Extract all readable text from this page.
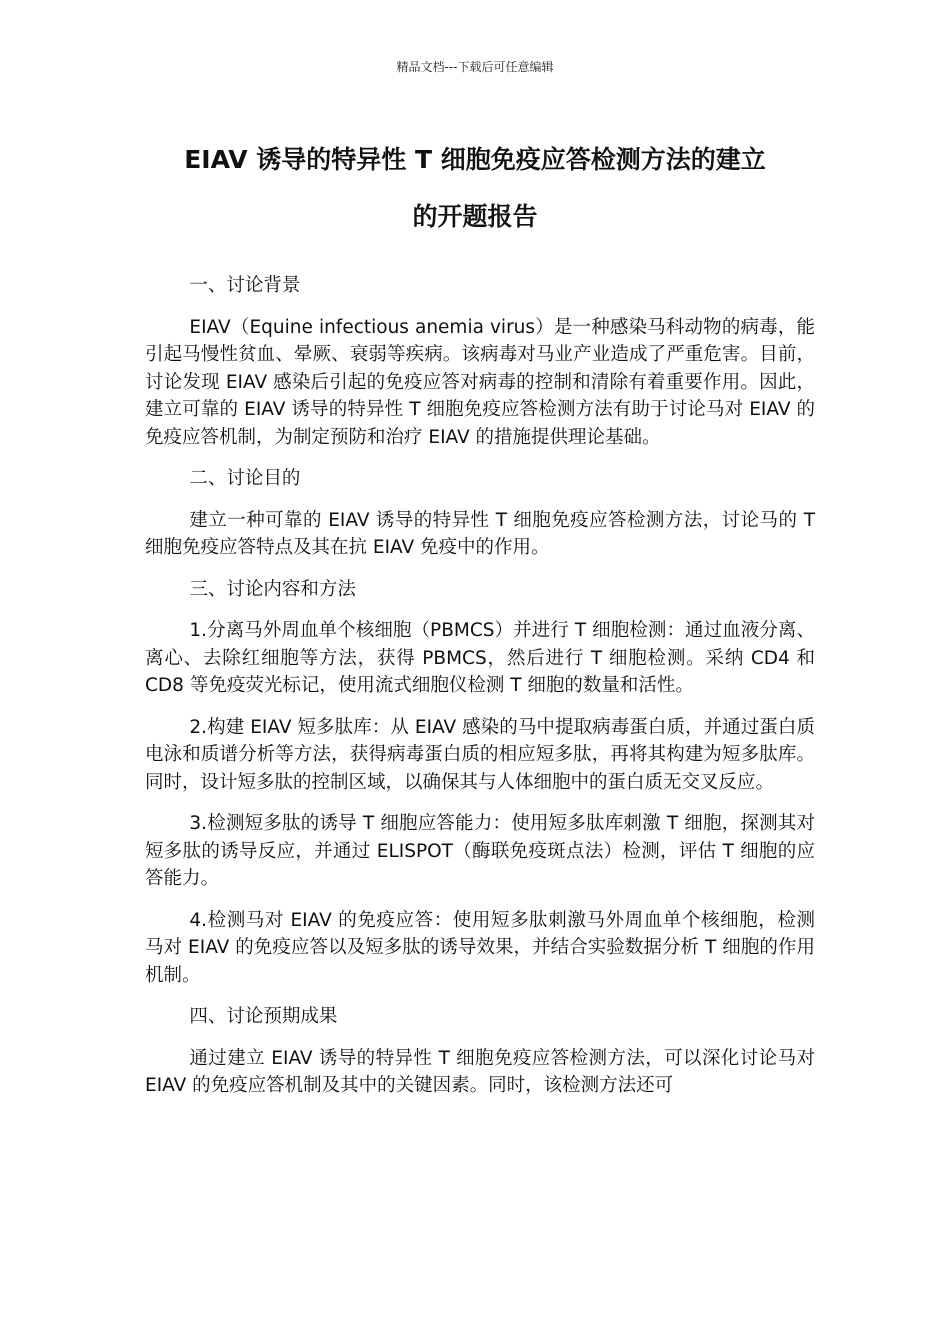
精品文档---下载后可任意编辑
EIAV 诱导的特异性 T 细胞免疫应答检测方法的建立
的开题报告

一、讨论背景

EIAV（Equine infectious anemia virus）是一种感染马科动物的病毒，能引起马慢性贫血、晕厥、衰弱等疾病。该病毒对马业产业造成了严重危害。目前，讨论发现 EIAV 感染后引起的免疫应答对病毒的控制和清除有着重要作用。因此，建立可靠的 EIAV 诱导的特异性 T 细胞免疫应答检测方法有助于讨论马对 EIAV 的免疫应答机制，为制定预防和治疗 EIAV 的措施提供理论基础。

二、讨论目的

建立一种可靠的 EIAV 诱导的特异性 T 细胞免疫应答检测方法，讨论马的 T 细胞免疫应答特点及其在抗 EIAV 免疫中的作用。

三、讨论内容和方法

1.分离马外周血单个核细胞（PBMCS）并进行 T 细胞检测：通过血液分离、离心、去除红细胞等方法，获得 PBMCS，然后进行 T 细胞检测。采纳 CD4 和 CD8 等免疫荧光标记，使用流式细胞仪检测 T 细胞的数量和活性。

2.构建 EIAV 短多肽库：从 EIAV 感染的马中提取病毒蛋白质，并通过蛋白质电泳和质谱分析等方法，获得病毒蛋白质的相应短多肽，再将其构建为短多肽库。同时，设计短多肽的控制区域，以确保其与人体细胞中的蛋白质无交叉反应。

3.检测短多肽的诱导 T 细胞应答能力：使用短多肽库刺激 T 细胞，探测其对短多肽的诱导反应，并通过 ELISPOT（酶联免疫斑点法）检测，评估 T 细胞的应答能力。

4.检测马对 EIAV 的免疫应答：使用短多肽刺激马外周血单个核细胞，检测马对 EIAV 的免疫应答以及短多肽的诱导效果，并结合实验数据分析 T 细胞的作用机制。

四、讨论预期成果

通过建立 EIAV 诱导的特异性 T 细胞免疫应答检测方法，可以深化讨论马对 EIAV 的免疫应答机制及其中的关键因素。同时，该检测方法还可
